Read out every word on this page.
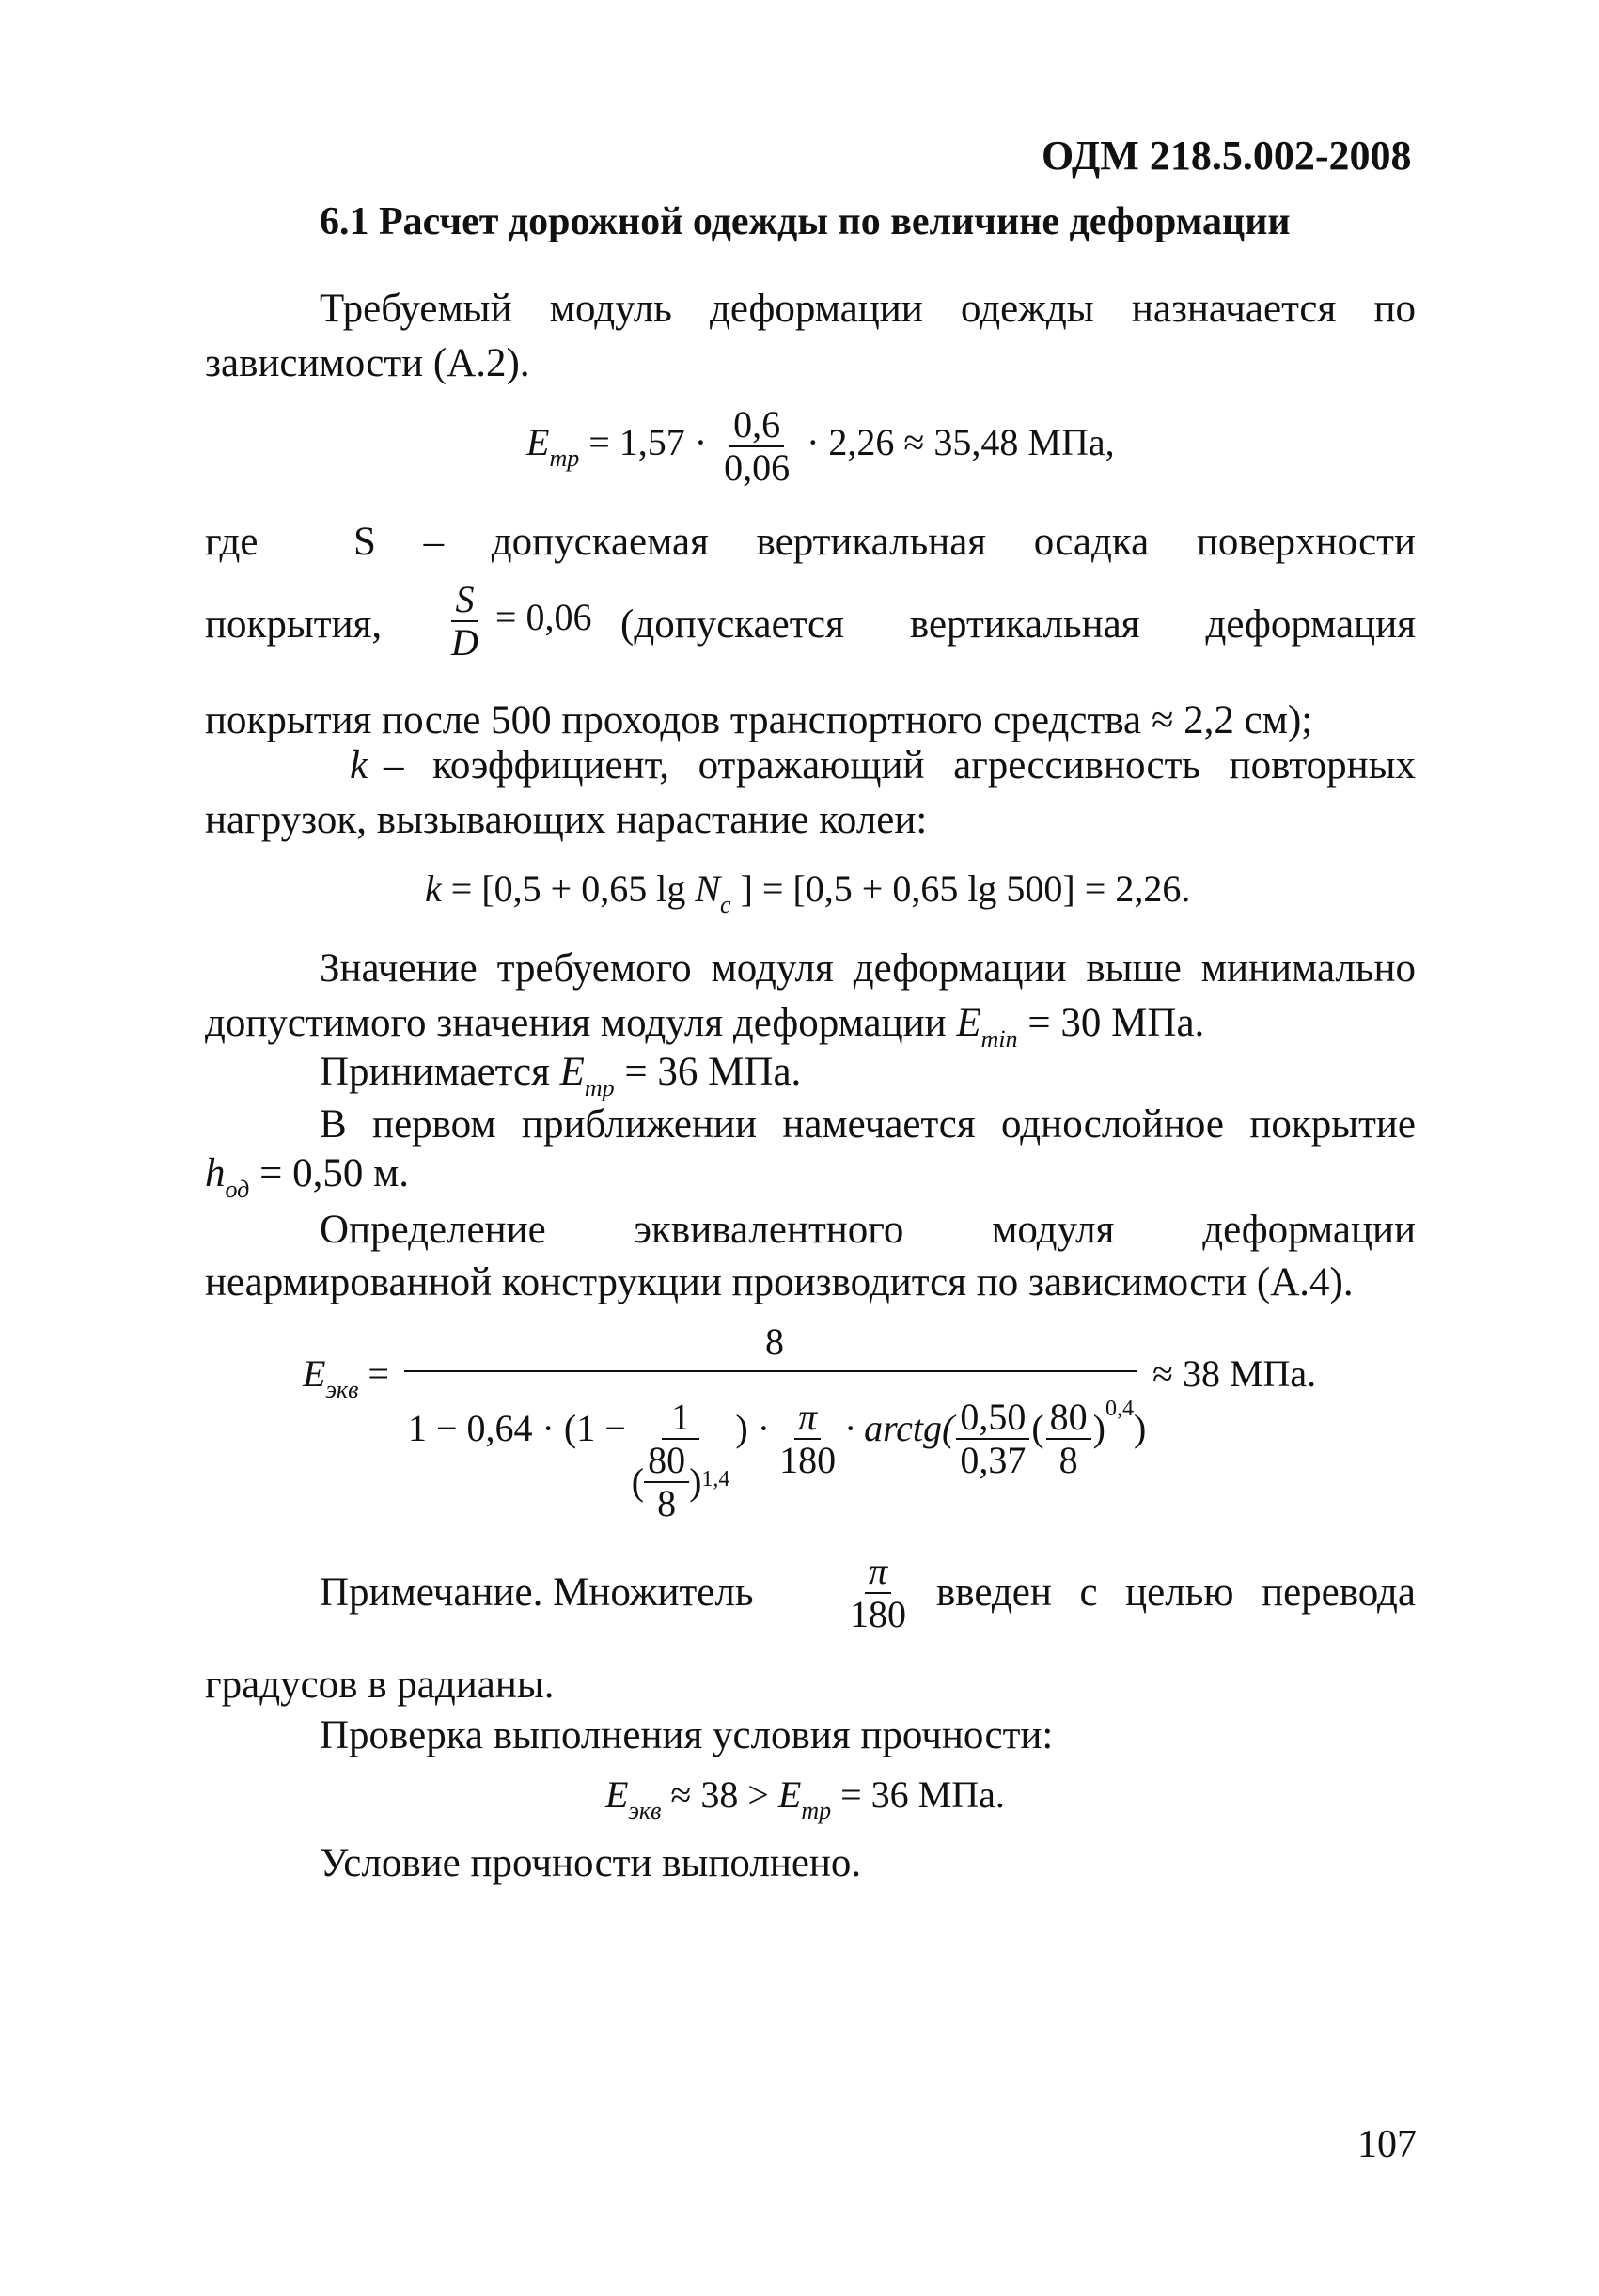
ОДМ 218.5.002-2008
6.1 Расчет дорожной одежды по величине деформации
Требуемый модуль деформации одежды назначается по
зависимости (А.2).
$E_{тр} = 1,57 \cdot \frac{0,6}{0,06} \cdot 2,26 \approx 35,48$ МПа,
где S – допускаемая вертикальная осадка поверхности
покрытия, $\frac{S}{D} = 0,06$ (допускается вертикальная деформация
покрытия после 500 проходов транспортного средства ≈ 2,2 см);
k – коэффициент, отражающий агрессивность повторных
нагрузок, вызывающих нарастание колеи:
k = [0,5 + 0,65 $\lg N_c$ ] = [0,5 + 0,65 lg 500] = 2,26.
Значение требуемого модуля деформации выше минимально
допустимого значения модуля деформации $E_{min} = 30$ МПа.
Принимается $E_{тр} = 36$ МПа.
В первом приближении намечается однослойное покрытие
$h_{од} = 0,50$ м.
Определение эквивалентного модуля деформации
неармированной конструкции производится по зависимости (А.4).
$E_{экв}$ =
8
≈ 38 МПа.
$1 - 0,64 \cdot (1 - \frac{1}{( \frac{80}{8} ) 1,4}$ ) · $\frac{\pi}{180}$ · arctg( $\frac{0,50}{0,37}$ ( $\frac{80}{8}$ ) 0,4 )
Примечание. Множитель $\frac{\pi}{180}$ введен с целью перевода
градусов в радианы.
Проверка выполнения условия прочности:
$E_{экв} \approx 38 > E_{тр} = 36$ МПа.
Условие прочности выполнено.
107
